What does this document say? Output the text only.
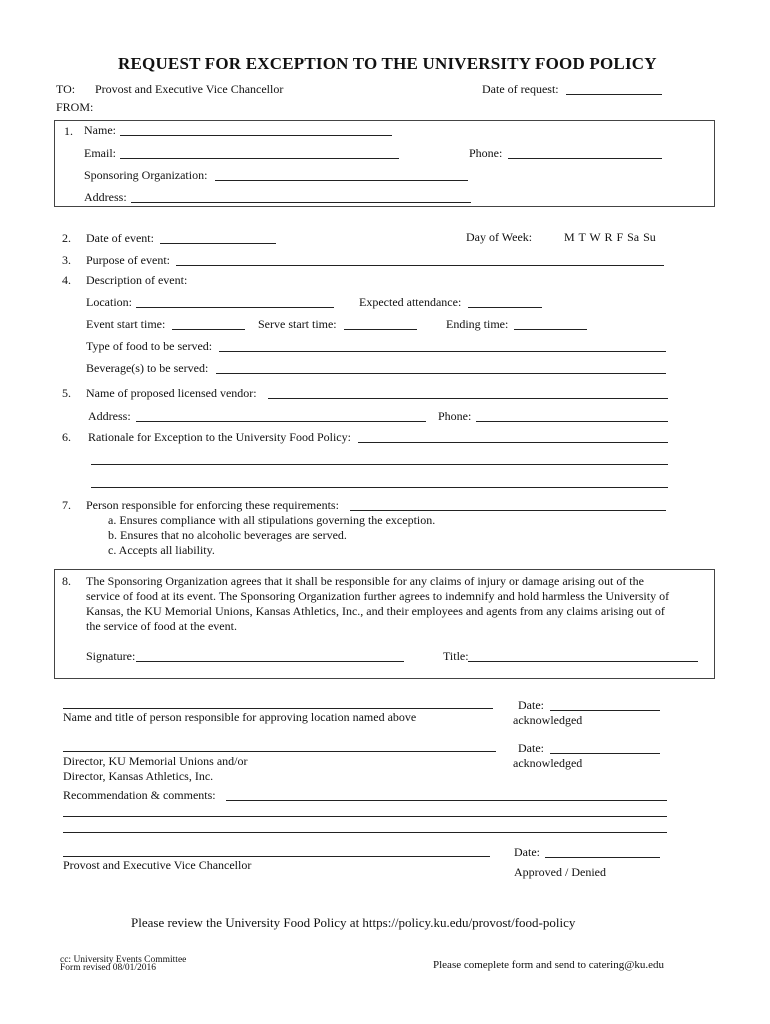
REQUEST FOR EXCEPTION TO THE UNIVERSITY FOOD POLICY
TO: Provost and Executive Vice Chancellor	Date of request:
FROM:
1. Name:
Email:	Phone:
Sponsoring Organization:
Address:
2. Date of event:	Day of Week:	M T W R F Sa Su
3. Purpose of event:
4. Description of event:
Location:	Expected attendance:
Event start time:	Serve start time:	Ending time:
Type of food to be served:
Beverage(s) to be served:
5. Name of proposed licensed vendor:
Address:	Phone:
6. Rationale for Exception to the University Food Policy:
7. Person responsible for enforcing these requirements:
a. Ensures compliance with all stipulations governing the exception.
b. Ensures that no alcoholic beverages are served.
c. Accepts all liability.
8. The Sponsoring Organization agrees that it shall be responsible for any claims of injury or damage arising out of the
service of food at its event. The Sponsoring Organization further agrees to indemnify and hold harmless the University of
Kansas, the KU Memorial Unions, Kansas Athletics, Inc., and their employees and agents from any claims arising out of
the service of food at the event.
Signature:	Title:
Name and title of person responsible for approving location named above
Date:
acknowledged
Director, KU Memorial Unions and/or
Director, Kansas Athletics, Inc.
Date:
acknowledged
Recommendation & comments:
Provost and Executive Vice Chancellor
Date:
Approved / Denied
Please review the University Food Policy at https://policy.ku.edu/provost/food-policy
cc: University Events Committee
Form revised 08/01/2016	Please comeplete form and send to catering@ku.edu
